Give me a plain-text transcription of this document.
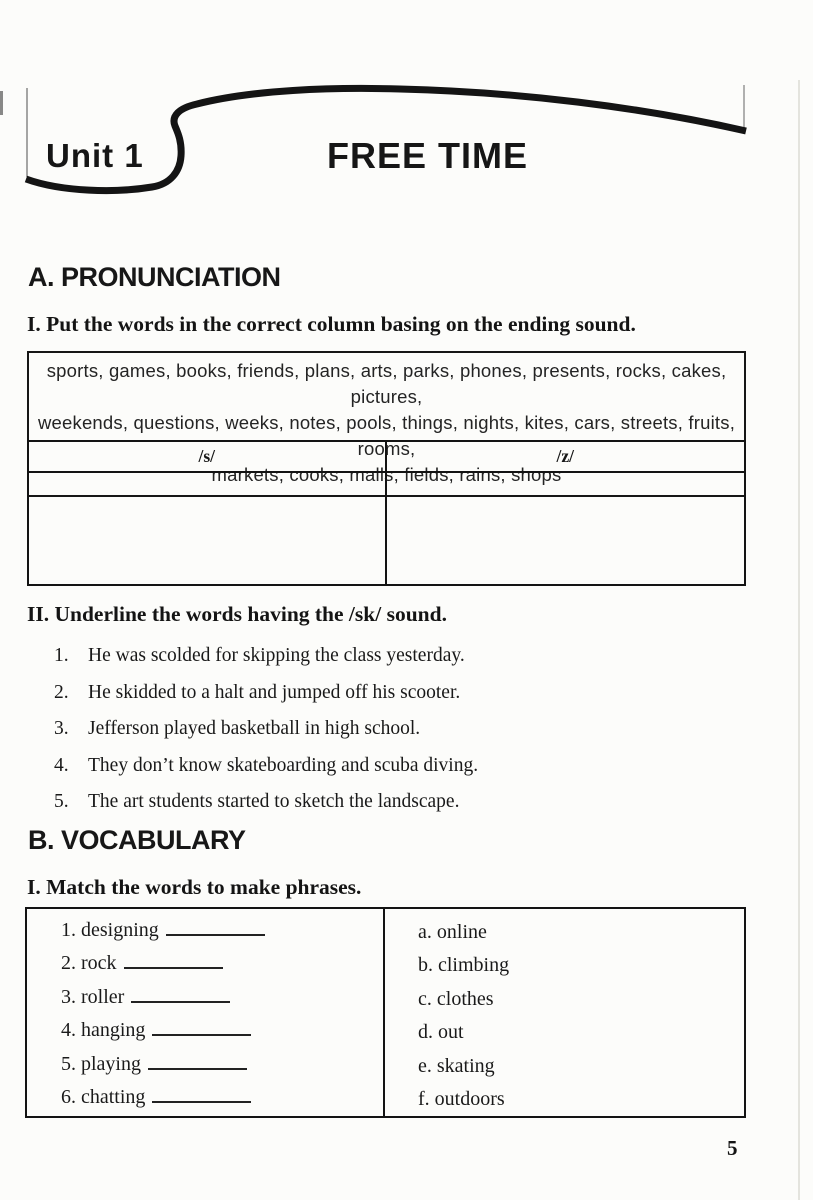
Unit 1	FREE TIME
A. PRONUNCIATION
I. Put the words in the correct column basing on the ending sound.
sports, games, books, friends, plans, arts, parks, phones, presents, rocks, cakes, pictures,
weekends, questions, weeks, notes, pools, things, nights, kites, cars, streets, fruits, rooms,
markets, cooks, malls, fields, rains, shops
/s/	/z/
II. Underline the words having the /sk/ sound.
1. He was scolded for skipping the class yesterday.
2. He skidded to a halt and jumped off his scooter.
3. Jefferson played basketball in high school.
4. They don’t know skateboarding and scuba diving.
5. The art students started to sketch the landscape.
B. VOCABULARY
I. Match the words to make phrases.
1. designing
2. rock
3. roller
4. hanging
5. playing
6. chatting
a. online
b. climbing
c. clothes
d. out
e. skating
f. outdoors
5
